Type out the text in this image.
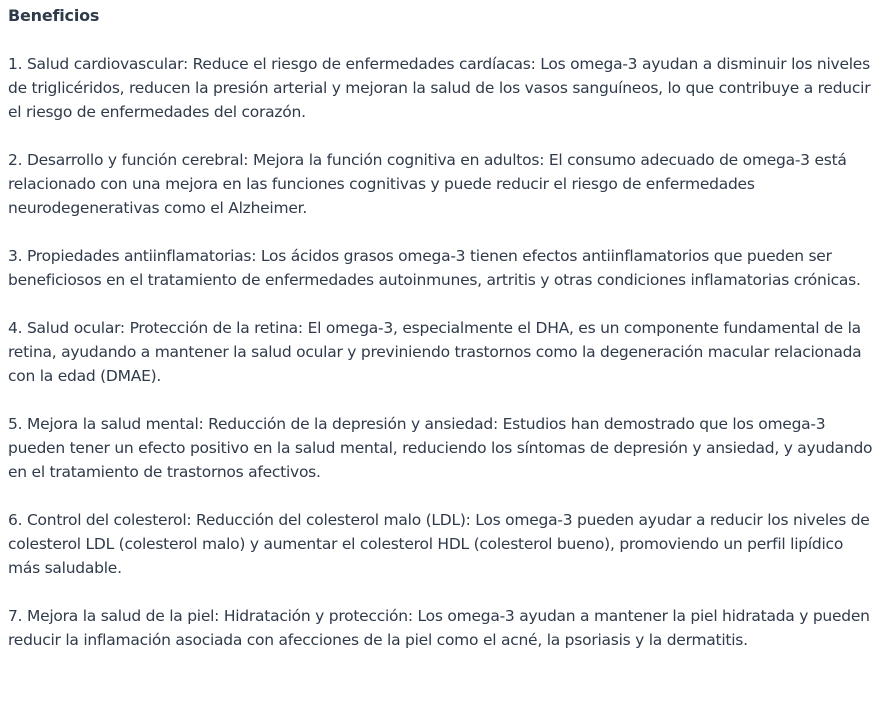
Beneficios
1. Salud cardiovascular: Reduce el riesgo de enfermedades cardíacas: Los omega-3 ayudan a disminuir los niveles de triglicéridos, reducen la presión arterial y mejoran la salud de los vasos sanguíneos, lo que contribuye a reducir el riesgo de enfermedades del corazón.
2. Desarrollo y función cerebral: Mejora la función cognitiva en adultos: El consumo adecuado de omega-3 está relacionado con una mejora en las funciones cognitivas y puede reducir el riesgo de enfermedades neurodegenerativas como el Alzheimer.
3. Propiedades antiinflamatorias: Los ácidos grasos omega-3 tienen efectos antiinflamatorios que pueden ser beneficiosos en el tratamiento de enfermedades autoinmunes, artritis y otras condiciones inflamatorias crónicas.
4. Salud ocular: Protección de la retina: El omega-3, especialmente el DHA, es un componente fundamental de la retina, ayudando a mantener la salud ocular y previniendo trastornos como la degeneración macular relacionada con la edad (DMAE).
5. Mejora la salud mental: Reducción de la depresión y ansiedad: Estudios han demostrado que los omega-3 pueden tener un efecto positivo en la salud mental, reduciendo los síntomas de depresión y ansiedad, y ayudando en el tratamiento de trastornos afectivos.
6. Control del colesterol: Reducción del colesterol malo (LDL): Los omega-3 pueden ayudar a reducir los niveles de colesterol LDL (colesterol malo) y aumentar el colesterol HDL (colesterol bueno), promoviendo un perfil lipídico más saludable.
7. Mejora la salud de la piel: Hidratación y protección: Los omega-3 ayudan a mantener la piel hidratada y pueden reducir la inflamación asociada con afecciones de la piel como el acné, la psoriasis y la dermatitis.
